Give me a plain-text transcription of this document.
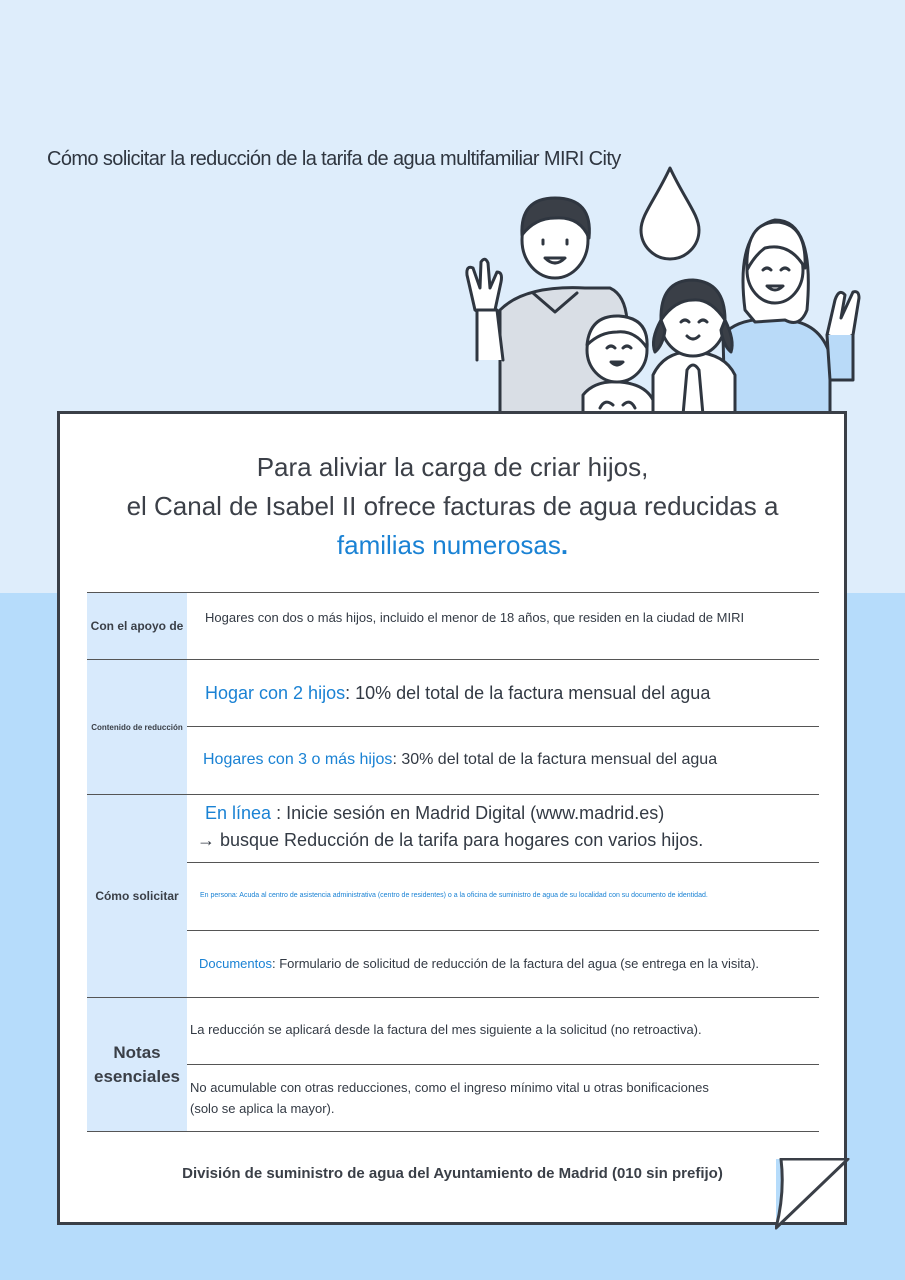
Cómo solicitar la reducción de la tarifa de agua multifamiliar MIRI City
Para aliviar la carga de criar hijos,
el Canal de Isabel II ofrece facturas de agua reducidas a
familias numerosas.
Con el apoyo de
Hogares con dos o más hijos, incluido el menor de 18 años, que residen en la ciudad de MIRI
Contenido de reducción
Hogar con 2 hijos: 10% del total de la factura mensual del agua
Hogares con 3 o más hijos: 30% del total de la factura mensual del agua
Cómo solicitar
En línea : Inicie sesión en Madrid Digital (www.madrid.es)
→ busque Reducción de la tarifa para hogares con varios hijos.
En persona: Acuda al centro de asistencia administrativa (centro de residentes) o a la oficina de suministro de agua de su localidad con su documento de identidad.
Documentos: Formulario de solicitud de reducción de la factura del agua (se entrega en la visita).
Notas
esenciales
La reducción se aplicará desde la factura del mes siguiente a la solicitud (no retroactiva).
No acumulable con otras reducciones, como el ingreso mínimo vital u otras bonificaciones
(solo se aplica la mayor).
División de suministro de agua del Ayuntamiento de Madrid (010 sin prefijo)
